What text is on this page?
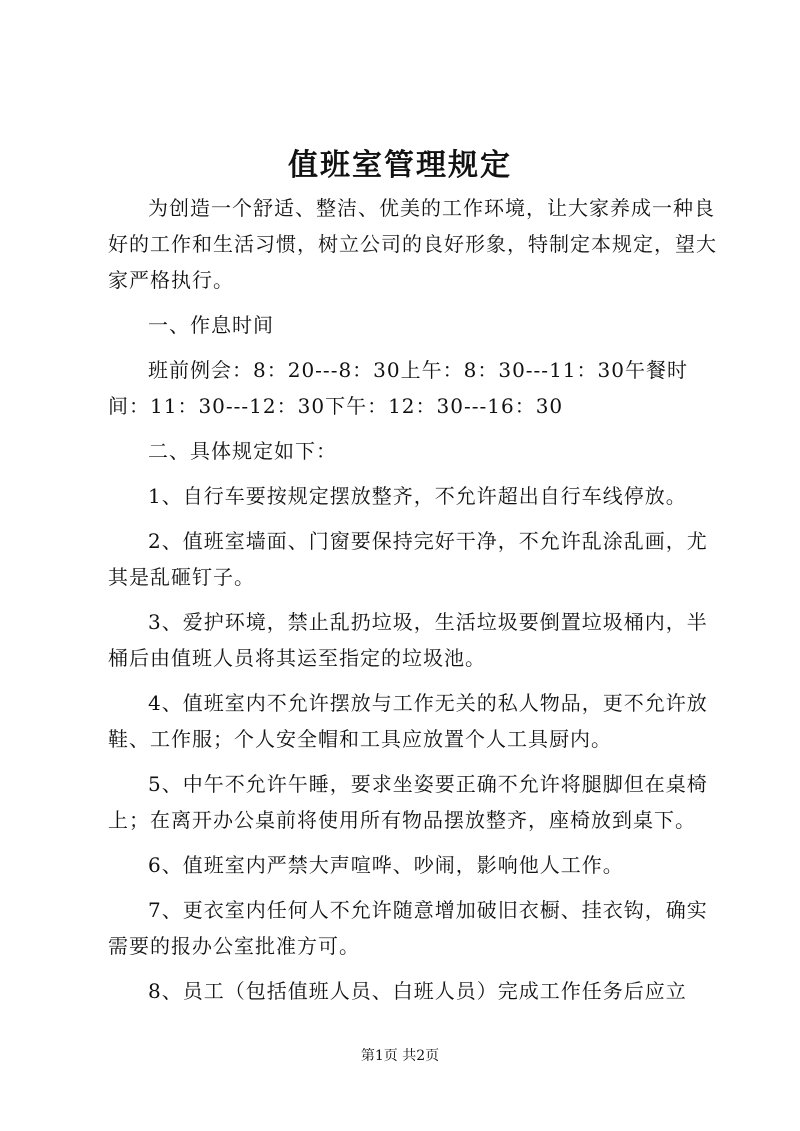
值班室管理规定

为创造一个舒适、整洁、优美的工作环境，让大家养成一种良好的工作和生活习惯，树立公司的良好形象，特制定本规定，望大家严格执行。

一、作息时间

班前例会：8：20---8：30上午：8：30---11：30午餐时间：11：30---12：30下午：12：30---16：30

二、具体规定如下：

1、自行车要按规定摆放整齐，不允许超出自行车线停放。

2、值班室墙面、门窗要保持完好干净，不允许乱涂乱画，尤其是乱砸钉子。

3、爱护环境，禁止乱扔垃圾，生活垃圾要倒置垃圾桶内，半桶后由值班人员将其运至指定的垃圾池。

4、值班室内不允许摆放与工作无关的私人物品，更不允许放鞋、工作服；个人安全帽和工具应放置个人工具厨内。

5、中午不允许午睡，要求坐姿要正确不允许将腿脚但在桌椅上；在离开办公桌前将使用所有物品摆放整齐，座椅放到桌下。

6、值班室内严禁大声喧哗、吵闹，影响他人工作。

7、更衣室内任何人不允许随意增加破旧衣橱、挂衣钩，确实需要的报办公室批准方可。

8、员工（包括值班人员、白班人员）完成工作任务后应立

第1页 共2页
